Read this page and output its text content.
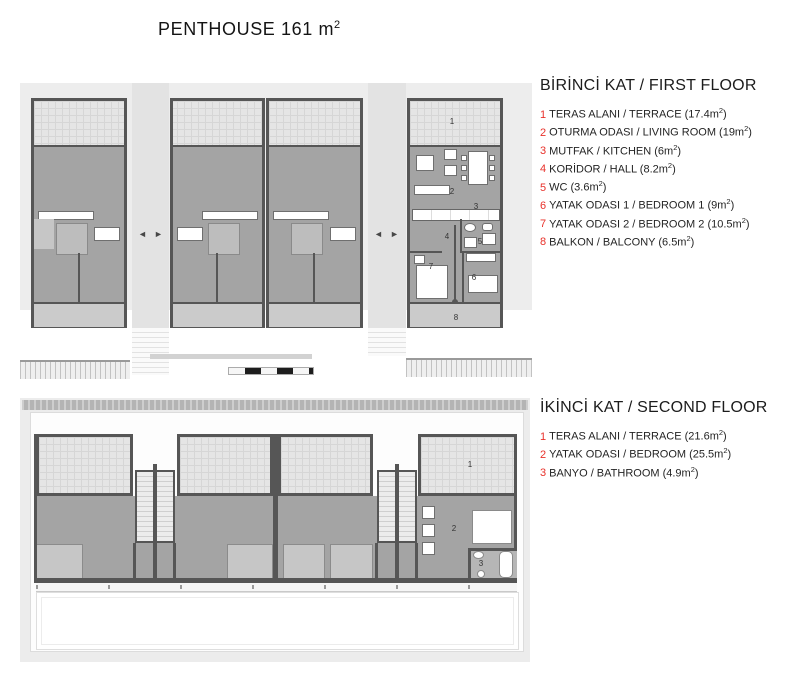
PENTHOUSE 161 $m^2$
◄ ►	◄ ►
1
2
3
4
5
6
7
8
1
2
3
BİRİNCİ KAT / FIRST FLOOR
1 TERAS ALANI / TERRACE $(17.4m^2)$
2 OTURMA ODASI / LIVING ROOM $(19m^2)$
3 MUTFAK / KITCHEN $(6m^2)$
4 KORİDOR / HALL $(8.2m^2)$
5 WC $(3.6m^2)$
6 YATAK ODASI 1 / BEDROOM 1 $(9m^2)$
7 YATAK ODASI 2 / BEDROOM 2 $(10.5m^2)$
8 BALKON / BALCONY $(6.5m^2)$
İKİNCİ KAT / SECOND FLOOR
1 TERAS ALANI / TERRACE $(21.6m^2)$
2 YATAK ODASI / BEDROOM $(25.5m^2)$
3 BANYO / BATHROOM $(4.9m^2)$
